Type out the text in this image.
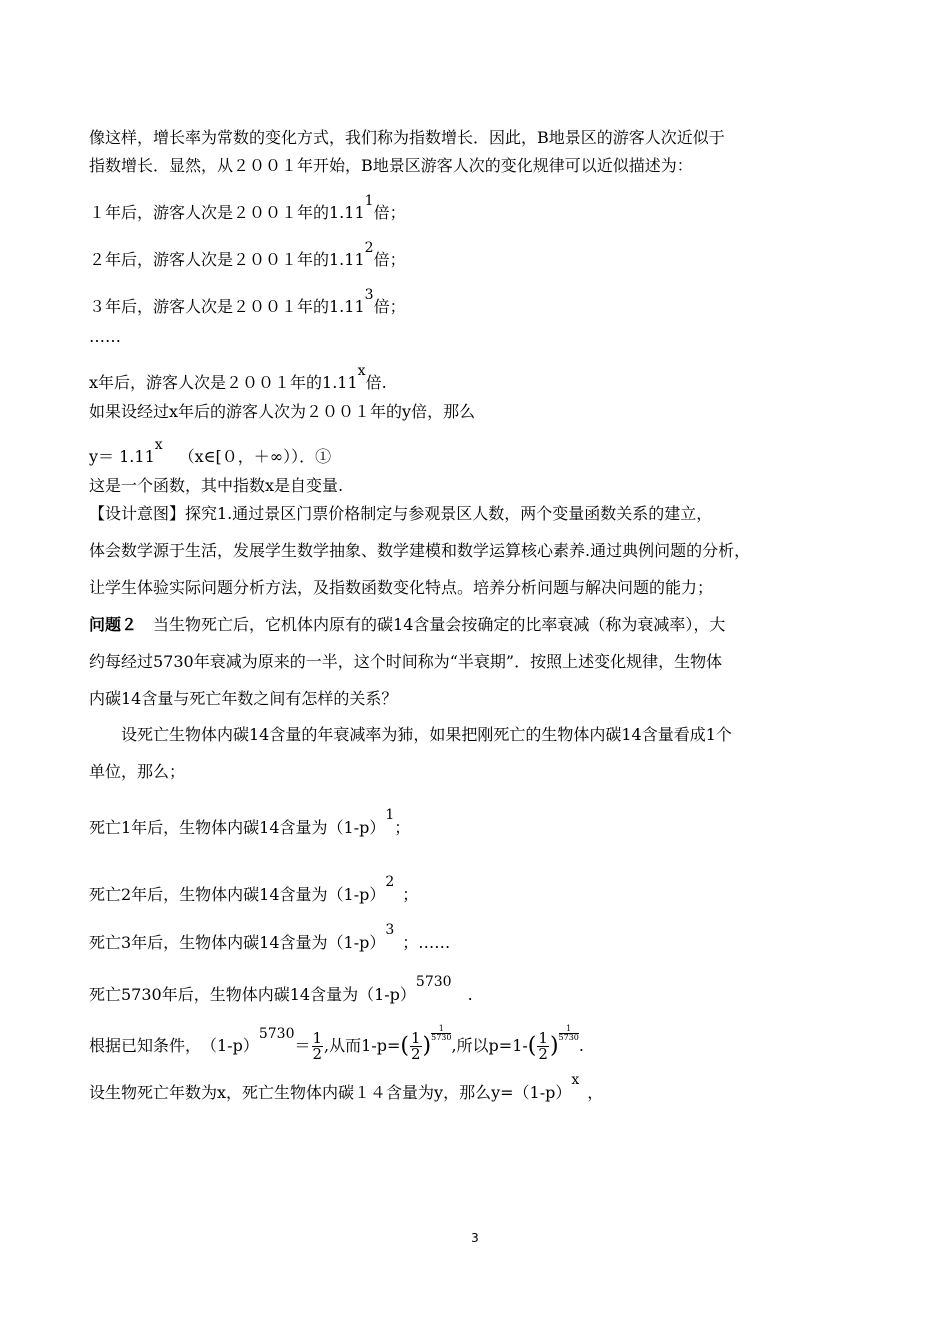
像这样，增长率为常数的变化方式，我们称为指数增长．因此，B地景区的游客人次近似于
指数增长．显然，从２００１年开始，B地景区游客人次的变化规律可以近似描述为：
１年后，游客人次是２００１年的1.111倍；
２年后，游客人次是２００１年的1.112倍；
３年后，游客人次是２００１年的1.113倍；
……
x年后，游客人次是２００１年的1.11x倍.
如果设经过x年后的游客人次为２００１年的y倍，那么
y＝ 1.11x （x∈[０，＋∞））．①
这是一个函数，其中指数x是自变量.
【设计意图】探究1.通过景区门票价格制定与参观景区人数，两个变量函数关系的建立，
体会数学源于生活，发展学生数学抽象、数学建模和数学运算核心素养.通过典例问题的分析，
让学生体验实际问题分析方法，及指数函数变化特点。培养分析问题与解决问题的能力；
问题２　当生物死亡后，它机体内原有的碳14含量会按确定的比率衰减（称为衰减率），大
约每经过5730年衰减为原来的一半，这个时间称为“半衰期”．按照上述变化规律，生物体
内碳14含量与死亡年数之间有怎样的关系？
　　设死亡生物体内碳14含量的年衰减率为犻，如果把刚死亡的生物体内碳14含量看成1个
单位，那么；
死亡1年后，生物体内碳14含量为（1-p）1；
死亡2年后，生物体内碳14含量为（1-p）2 ；
死亡3年后，生物体内碳14含量为（1-p）3 ；……
死亡5730年后，生物体内碳14含量为（1-p）5730 .
根据已知条件，　$(1-p)5730= \frac{1}{2}$ ,从而$1-p=( \frac{1}{2}$ ) $\frac{1}{5730}$
,所以$p=1-( \frac{1}{2}$ ) $\frac{1}{5730}$
.
设生物死亡年数为x，死亡生物体内碳１４含量为y，那么y=（1-p）x ，
3
